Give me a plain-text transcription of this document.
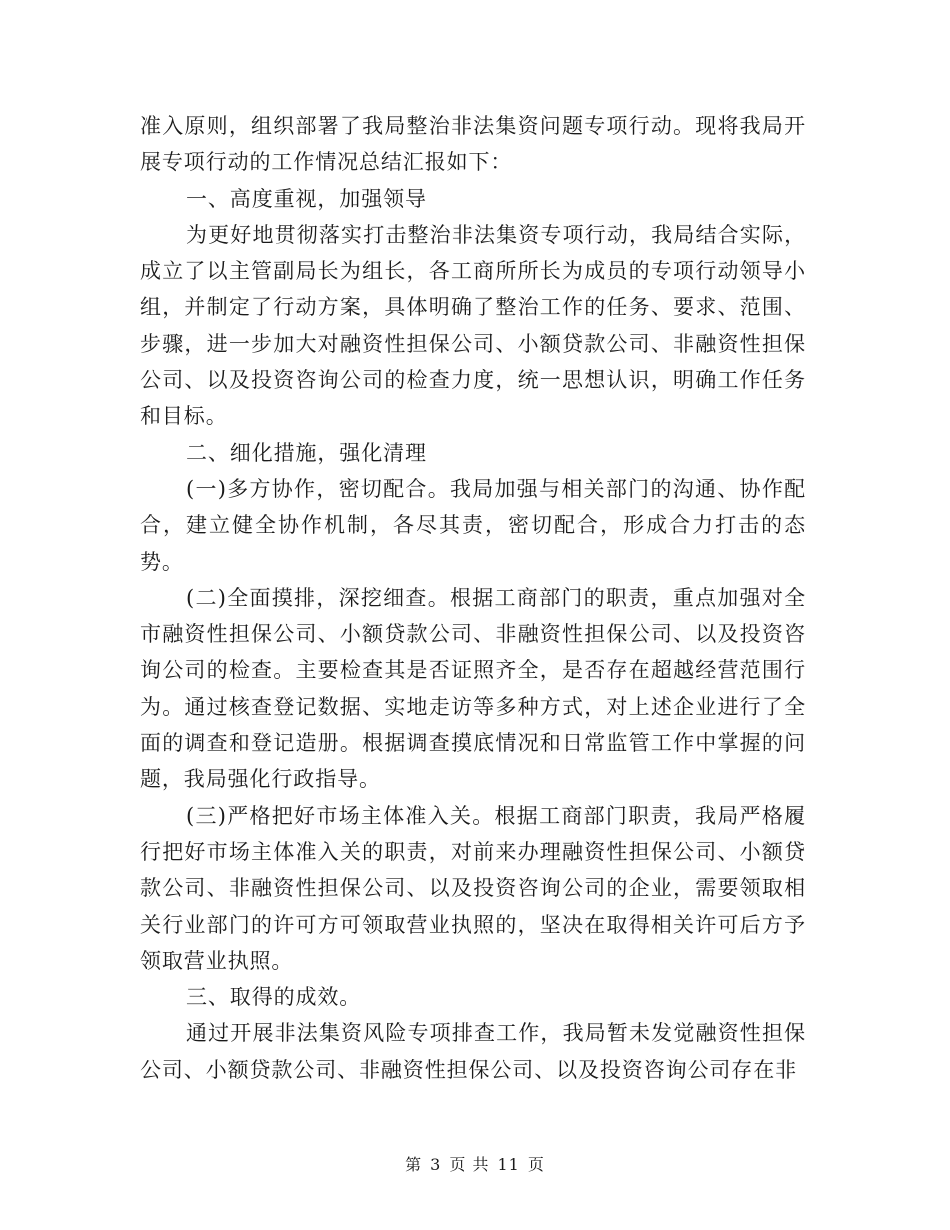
准入原则，组织部署了我局整治非法集资问题专项行动。现将我局开展专项行动的工作情况总结汇报如下：

一、高度重视，加强领导

为更好地贯彻落实打击整治非法集资专项行动，我局结合实际，成立了以主管副局长为组长，各工商所所长为成员的专项行动领导小组，并制定了行动方案，具体明确了整治工作的任务、要求、范围、步骤，进一步加大对融资性担保公司、小额贷款公司、非融资性担保公司、以及投资咨询公司的检查力度，统一思想认识，明确工作任务和目标。

二、细化措施，强化清理

(一)多方协作，密切配合。我局加强与相关部门的沟通、协作配合，建立健全协作机制，各尽其责，密切配合，形成合力打击的态势。

(二)全面摸排，深挖细查。根据工商部门的职责，重点加强对全市融资性担保公司、小额贷款公司、非融资性担保公司、以及投资咨询公司的检查。主要检查其是否证照齐全，是否存在超越经营范围行为。通过核查登记数据、实地走访等多种方式，对上述企业进行了全面的调查和登记造册。根据调查摸底情况和日常监管工作中掌握的问题，我局强化行政指导。

(三)严格把好市场主体准入关。根据工商部门职责，我局严格履行把好市场主体准入关的职责，对前来办理融资性担保公司、小额贷款公司、非融资性担保公司、以及投资咨询公司的企业，需要领取相关行业部门的许可方可领取营业执照的，坚决在取得相关许可后方予领取营业执照。

三、取得的成效。

通过开展非法集资风险专项排查工作，我局暂未发觉融资性担保公司、小额贷款公司、非融资性担保公司、以及投资咨询公司存在非

第 3 页 共 11 页
